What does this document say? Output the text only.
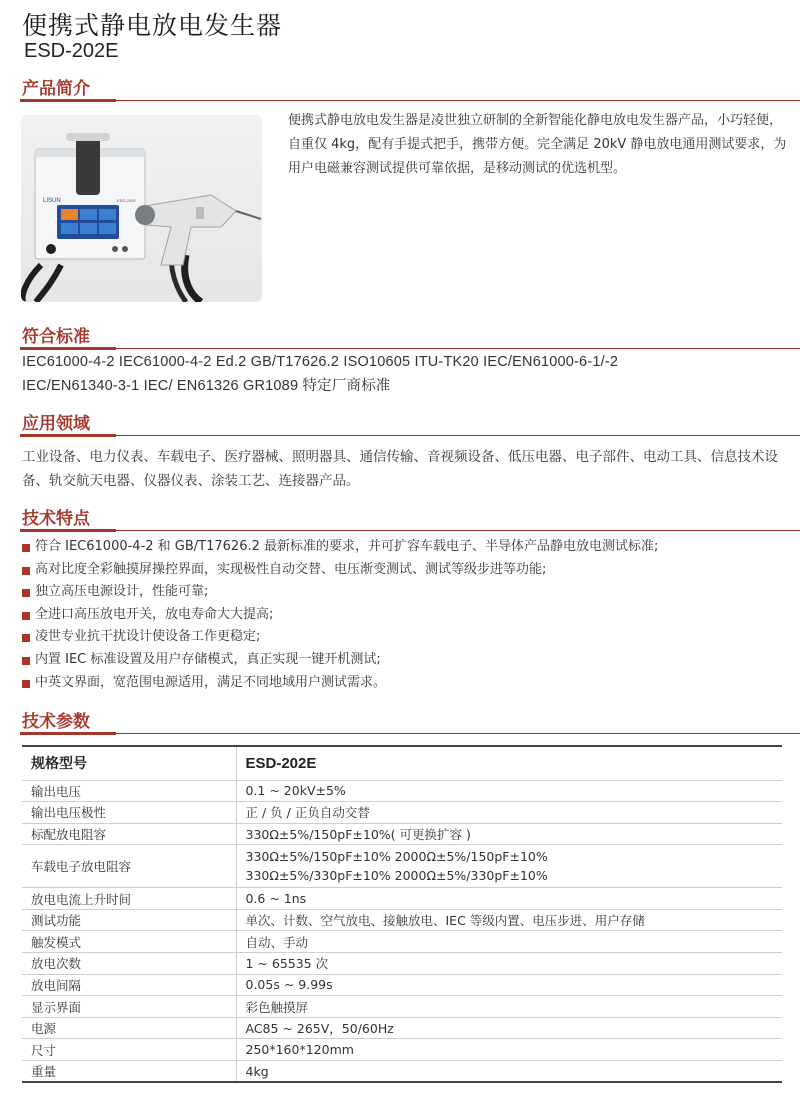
便携式静电放电发生器
ESD-202E
产品简介
LISUN	ESD-202E

便携式静电放电发生器是凌世独立研制的全新智能化静电放电发生器产品，小巧轻便，自重仅 4kg，配有手提式把手，携带方便。完全满足 20kV 静电放电通用测试要求，为用户电磁兼容测试提供可靠依据，是移动测试的优选机型。

符合标准
IEC61000-4-2 IEC61000-4-2 Ed.2 GB/T17626.2 ISO10605 ITU-TK20 IEC/EN61000-6-1/-2
IEC/EN61340-3-1 IEC/ EN61326 GR1089 特定厂商标准
应用领域

工业设备、电力仪表、车载电子、医疗器械、照明器具、通信传输、音视频设备、低压电器、电子部件、电动工具、信息技术设备、轨交航天电器、仪器仪表、涂装工艺、连接器产品。

技术特点
符合 IEC61000-4-2 和 GB/T17626.2 最新标准的要求，并可扩容车载电子、半导体产品静电放电测试标准;
高对比度全彩触摸屏操控界面，实现极性自动交替、电压渐变测试、测试等级步进等功能;
独立高压电源设计，性能可靠;
全进口高压放电开关，放电寿命大大提高;
凌世专业抗干扰设计使设备工作更稳定;
内置 IEC 标准设置及用户存储模式，真正实现一键开机测试;
中英文界面，宽范围电源适用，满足不同地域用户测试需求。
技术参数
规格型号	ESD-202E
输出电压	0.1 ~ 20kV±5%
输出电压极性	正 / 负 / 正负自动交替
标配放电阻容	330Ω±5%/150pF±10%( 可更换扩容 )
车载电子放电阻容	330Ω±5%/150pF±10% 2000Ω±5%/150pF±10%
330Ω±5%/330pF±10% 2000Ω±5%/330pF±10%

放电电流上升时间	0.6 ~ 1ns
测试功能	单次、计数、空气放电、接触放电、IEC 等级内置、电压步进、用户存储
触发模式	自动、手动
放电次数	1 ~ 65535 次
放电间隔	0.05s ~ 9.99s
显示界面	彩色触摸屏
电源	AC85 ~ 265V，50/60Hz
尺寸	250*160*120mm
重量	4kg
